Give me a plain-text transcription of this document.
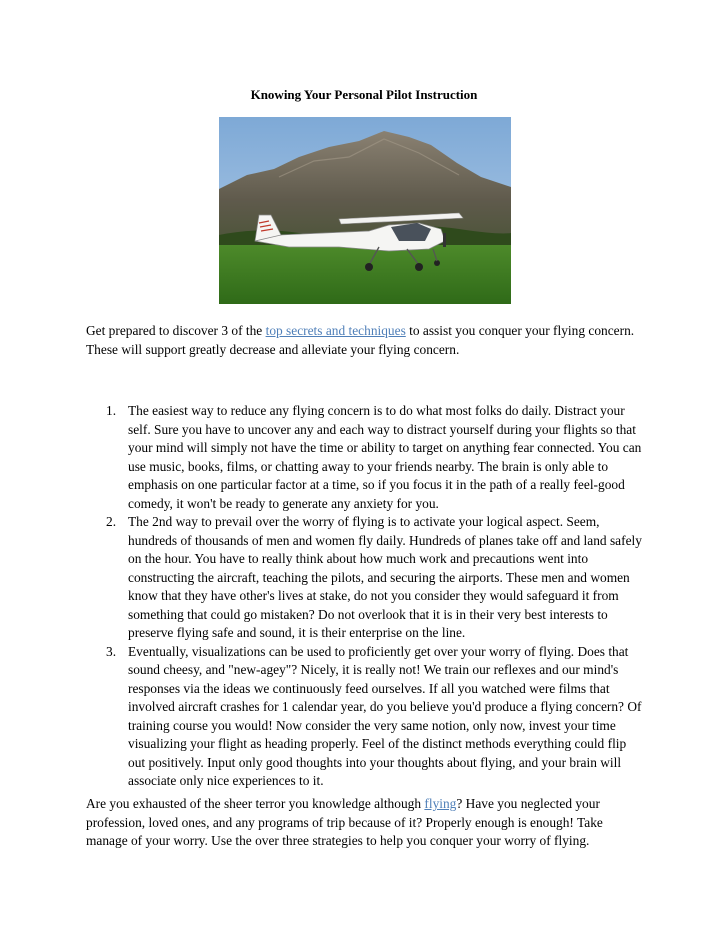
Knowing Your Personal Pilot Instruction

Get prepared to discover 3 of the top secrets and techniques to assist you conquer your flying concern. These will support greatly decrease and alleviate your flying concern.

The easiest way to reduce any flying concern is to do what most folks do daily. Distract your self. Sure you have to uncover any and each way to distract yourself during your flights so that your mind will simply not have the time or ability to target on anything fear connected. You can use music, books, films, or chatting away to your friends nearby. The brain is only able to emphasis on one particular factor at a time, so if you focus it in the path of a really feel-good comedy, it won't be ready to generate any anxiety for you.
The 2nd way to prevail over the worry of flying is to activate your logical aspect. Seem, hundreds of thousands of men and women fly daily. Hundreds of planes take off and land safely on the hour. You have to really think about how much work and precautions went into constructing the aircraft, teaching the pilots, and securing the airports. These men and women know that they have other's lives at stake, do not you consider they would safeguard it from something that could go mistaken? Do not overlook that it is in their very best interests to preserve flying safe and sound, it is their enterprise on the line.
Eventually, visualizations can be used to proficiently get over your worry of flying. Does that sound cheesy, and "new-agey"? Nicely, it is really not! We train our reflexes and our mind's responses via the ideas we continuously feed ourselves. If all you watched were films that involved aircraft crashes for 1 calendar year, do you believe you'd produce a flying concern? Of training course you would! Now consider the very same notion, only now, invest your time visualizing your flight as heading properly. Feel of the distinct methods everything could flip out positively. Input only good thoughts into your thoughts about flying, and your brain will associate only nice experiences to it.

Are you exhausted of the sheer terror you knowledge although flying? Have you neglected your profession, loved ones, and any programs of trip because of it? Properly enough is enough! Take manage of your worry. Use the over three strategies to help you conquer your worry of flying.
